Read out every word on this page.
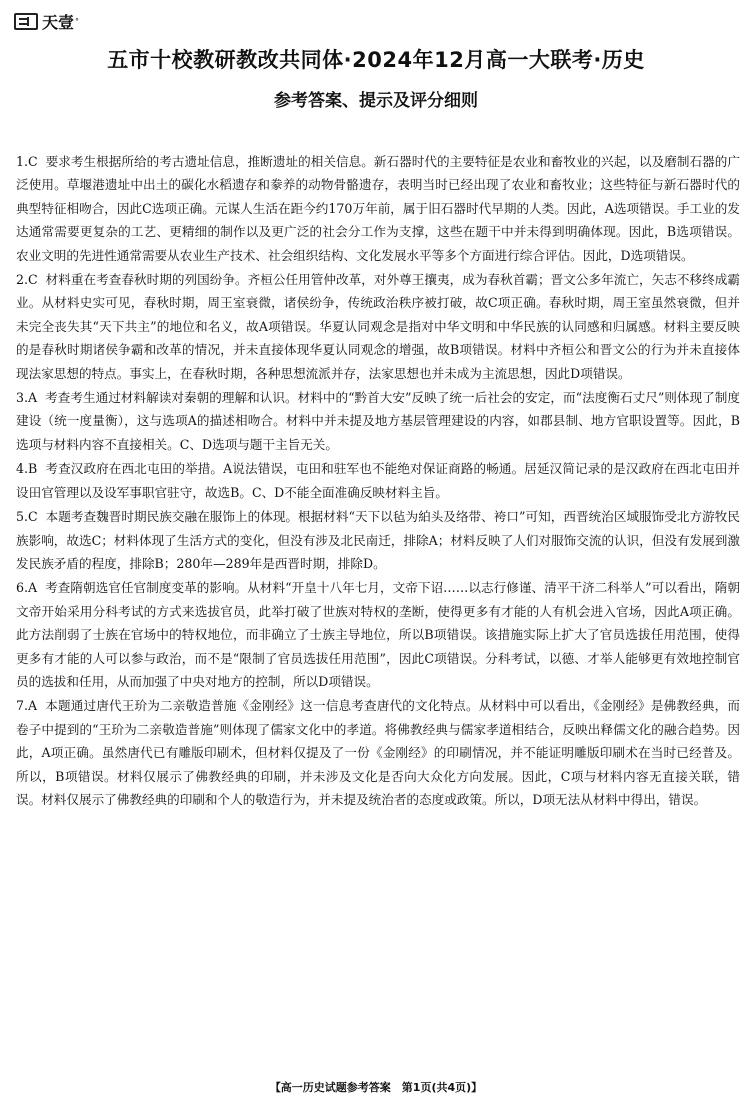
天壹 °
五市十校教研教改共同体·2024年12月高一大联考·历史
参考答案、提示及评分细则

1.C 要求考生根据所给的考古遗址信息，推断遗址的相关信息。新石器时代的主要特征是农业和畜牧业的兴起，以及磨制石器的广泛使用。草堰港遗址中出土的碳化水稻遗存和豢养的动物骨骼遗存，表明当时已经出现了农业和畜牧业；这些特征与新石器时代的典型特征相吻合，因此C选项正确。元谋人生活在距今约170万年前，属于旧石器时代早期的人类。因此，A选项错误。手工业的发达通常需要更复杂的工艺、更精细的制作以及更广泛的社会分工作为支撑，这些在题干中并未得到明确体现。因此，B选项错误。农业文明的先进性通常需要从农业生产技术、社会组织结构、文化发展水平等多个方面进行综合评估。因此，D选项错误。

2.C 材料重在考查春秋时期的列国纷争。齐桓公任用管仲改革，对外尊王攘夷，成为春秋首霸；晋文公多年流亡，矢志不移终成霸业。从材料史实可见，春秋时期，周王室衰微，诸侯纷争，传统政治秩序被打破，故C项正确。春秋时期，周王室虽然衰微，但并未完全丧失其“天下共主”的地位和名义，故A项错误。华夏认同观念是指对中华文明和中华民族的认同感和归属感。材料主要反映的是春秋时期诸侯争霸和改革的情况，并未直接体现华夏认同观念的增强，故B项错误。材料中齐桓公和晋文公的行为并未直接体现法家思想的特点。事实上，在春秋时期，各种思想流派并存，法家思想也并未成为主流思想，因此D项错误。

3.A 考查考生通过材料解读对秦朝的理解和认识。材料中的“黔首大安”反映了统一后社会的安定，而“法度衡石丈尺”则体现了制度建设（统一度量衡），这与选项A的描述相吻合。材料中并未提及地方基层管理建设的内容，如郡县制、地方官职设置等。因此，B选项与材料内容不直接相关。C、D选项与题干主旨无关。

4.B 考查汉政府在西北屯田的举措。A说法错误，屯田和驻军也不能绝对保证商路的畅通。居延汉简记录的是汉政府在西北屯田并设田官管理以及设军事职官驻守，故选B。C、D不能全面准确反映材料主旨。

5.C 本题考查魏晋时期民族交融在服饰上的体现。根据材料“天下以毡为絈头及络带、袴口”可知，西晋统治区域服饰受北方游牧民族影响，故选C；材料体现了生活方式的变化，但没有涉及北民南迁，排除A；材料反映了人们对服饰交流的认识，但没有发展到激发民族矛盾的程度，排除B；280年—289年是西晋时期，排除D。

6.A 考查隋朝选官任官制度变革的影响。从材料“开皇十八年七月，文帝下诏……以志行修谨、清平干济二科举人”可以看出，隋朝文帝开始采用分科考试的方式来选拔官员，此举打破了世族对特权的垄断，使得更多有才能的人有机会进入官场，因此A项正确。此方法削弱了士族在官场中的特权地位，而非确立了士族主导地位，所以B项错误。该措施实际上扩大了官员选拔任用范围，使得更多有才能的人可以参与政治，而不是“限制了官员选拔任用范围”，因此C项错误。分科考试，以德、才举人能够更有效地控制官员的选拔和任用，从而加强了中央对地方的控制，所以D项错误。

7.A 本题通过唐代王玠为二亲敬造普施《金刚经》这一信息考查唐代的文化特点。从材料中可以看出，《金刚经》是佛教经典，而卷子中提到的“王玠为二亲敬造普施”则体现了儒家文化中的孝道。将佛教经典与儒家孝道相结合，反映出释儒文化的融合趋势。因此，A项正确。虽然唐代已有雕版印刷术，但材料仅提及了一份《金刚经》的印刷情况，并不能证明雕版印刷术在当时已经普及。所以，B项错误。材料仅展示了佛教经典的印刷，并未涉及文化是否向大众化方向发展。因此，C项与材料内容无直接关联，错误。材料仅展示了佛教经典的印刷和个人的敬造行为，并未提及统治者的态度或政策。所以，D项无法从材料中得出，错误。

【高一历史试题参考答案　第1页(共4页)】
